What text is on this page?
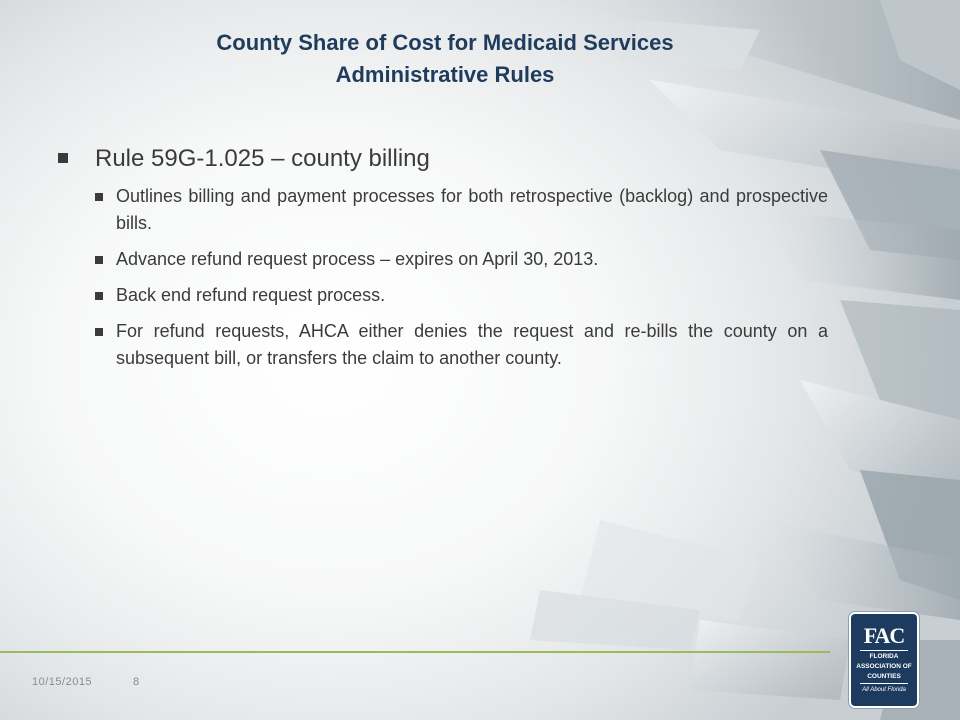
County Share of Cost for Medicaid Services
Administrative Rules
Rule 59G-1.025 – county billing
Outlines billing and payment processes for both retrospective (backlog) and prospective bills.
Advance refund request process – expires on April 30, 2013.
Back end refund request process.
For refund requests, AHCA either denies the request and re-bills the county on a subsequent bill, or transfers the claim to another county.
10/15/2015	8
FAC
FLORIDA
ASSOCIATION OF
COUNTIES
All About Florida
